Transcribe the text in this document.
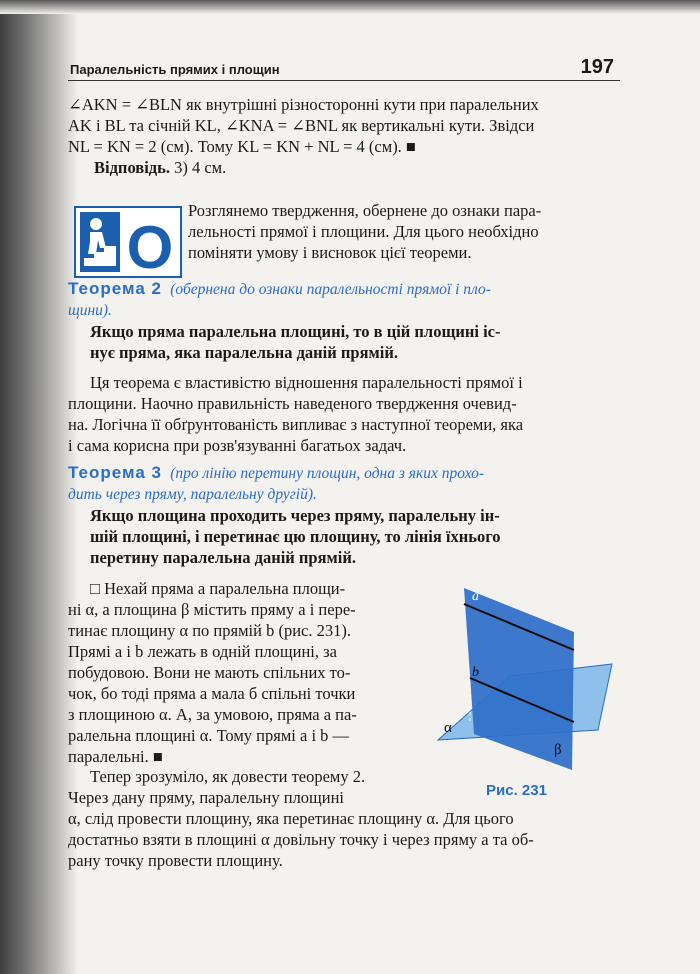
Паралельність прямих і площин	197
∠AKN = ∠BLN як внутрішні різносторонні кути при паралельних
AK і BL та січній KL, ∠KNA = ∠BNL як вертикальні кути. Звідси
NL = KN = 2 (см). Тому KL = KN + NL = 4 (см). ■
Відповідь. 3) 4 см.
O
Розглянемо твердження, обернене до ознаки пара-
лельності прямої і площини. Для цього необхідно
поміняти умову і висновок цієї теореми.
Теорема 2 (обернена до ознаки паралельності прямої і пло-
щини).
Якщо пряма паралельна площині, то в цій площині іс-
нує пряма, яка паралельна даній прямій.
Ця теорема є властивістю відношення паралельності прямої і
площини. Наочно правильність наведеного твердження очевид-
на. Логічна її обґрунтованість випливає з наступної теореми, яка
і сама корисна при розв'язуванні багатьох задач.
Теорема 3 (про лінію перетину площин, одна з яких прохо-
дить через пряму, паралельну другій).
Якщо площина проходить через пряму, паралельну ін-
шій площині, і перетинає цю площину, то лінія їхнього
перетину паралельна даній прямій.
□ Нехай пряма a паралельна площи-
ні α, а площина β містить пряму a і пере-
тинає площину α по прямій b (рис. 231).
Прямі a і b лежать в одній площині, за
побудовою. Вони не мають спільних то-
чок, бо тоді пряма a мала б спільні точки
з площиною α. А, за умовою, пряма a па-
ралельна площині α. Тому прямі a і b —
паралельні. ■
a
b
α
β
Рис. 231
Тепер зрозуміло, як довести теорему 2.
Через дану пряму, паралельну площині
α, слід провести площину, яка перетинає площину α. Для цього
достатньо взяти в площині α довільну точку і через пряму a та об-
рану точку провести площину.
